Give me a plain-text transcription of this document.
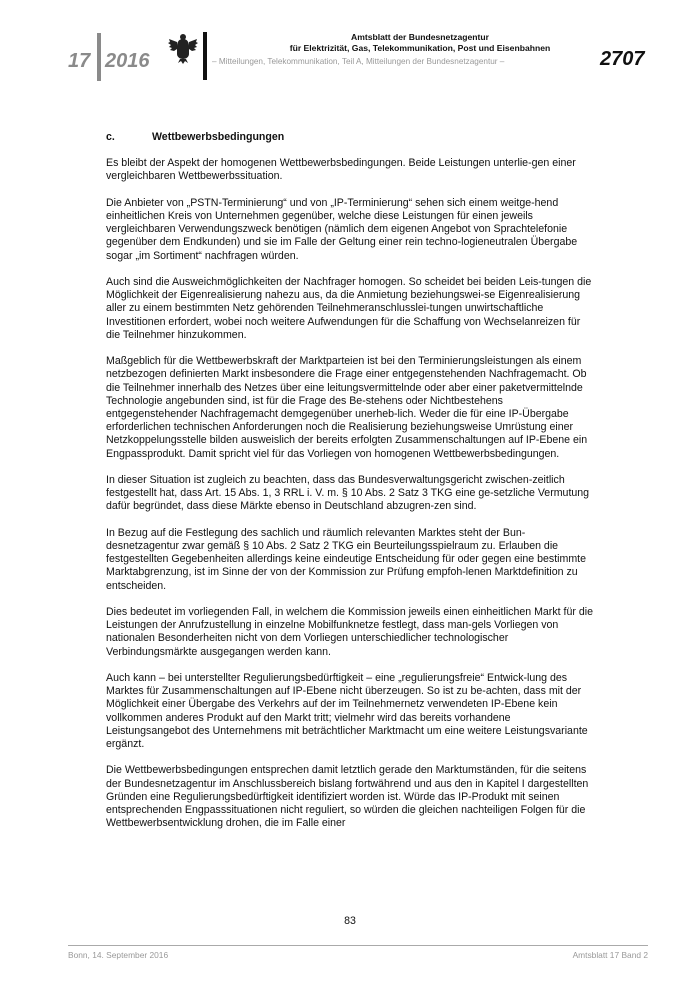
17 2016
Amtsblatt der Bundesnetzagentur
für Elektrizität, Gas, Telekommunikation, Post und Eisenbahnen
– Mitteilungen, Telekommunikation, Teil A, Mitteilungen der Bundesnetzagentur –	2707
c.	Wettbewerbsbedingungen

Es bleibt der Aspekt der homogenen Wettbewerbsbedingungen. Beide Leistungen unterlie-gen einer vergleichbaren Wettbewerbssituation.

Die Anbieter von „PSTN-Terminierung“ und von „IP-Terminierung“ sehen sich einem weitge-hend einheitlichen Kreis von Unternehmen gegenüber, welche diese Leistungen für einen jeweils vergleichbaren Verwendungszweck benötigen (nämlich dem eigenen Angebot von Sprachtelefonie gegenüber dem Endkunden) und sie im Falle der Geltung einer rein techno-logieneutralen Übergabe sogar „im Sortiment“ nachfragen würden.

Auch sind die Ausweichmöglichkeiten der Nachfrager homogen. So scheidet bei beiden Leis-tungen die Möglichkeit der Eigenrealisierung nahezu aus, da die Anmietung beziehungswei-se Eigenrealisierung aller zu einem bestimmten Netz gehörenden Teilnehmeranschlusslei-tungen unwirtschaftliche Investitionen erfordert, wobei noch weitere Aufwendungen für die Schaffung von Wechselanreizen für die Teilnehmer hinzukommen.

Maßgeblich für die Wettbewerbskraft der Marktparteien ist bei den Terminierungsleistungen als einem netzbezogen definierten Markt insbesondere die Frage einer entgegenstehenden Nachfragemacht. Ob die Teilnehmer innerhalb des Netzes über eine leitungsvermittelnde oder aber einer paketvermittelnde Technologie angebunden sind, ist für die Frage des Be-stehens oder Nichtbestehens entgegenstehender Nachfragemacht demgegenüber unerheb-lich. Weder die für eine IP-Übergabe erforderlichen technischen Anforderungen noch die Realisierung beziehungsweise Umrüstung einer Netzkoppelungsstelle bilden ausweislich der bereits erfolgten Zusammenschaltungen auf IP-Ebene ein Engpassprodukt. Damit spricht viel für das Vorliegen von homogenen Wettbewerbsbedingungen.

In dieser Situation ist zugleich zu beachten, dass das Bundesverwaltungsgericht zwischen-zeitlich festgestellt hat, dass Art. 15 Abs. 1, 3 RRL i. V. m. § 10 Abs. 2 Satz 3 TKG eine ge-setzliche Vermutung dafür begründet, dass diese Märkte ebenso in Deutschland abzugren-zen sind.

In Bezug auf die Festlegung des sachlich und räumlich relevanten Marktes steht der Bun-desnetzagentur zwar gemäß § 10 Abs. 2 Satz 2 TKG ein Beurteilungsspielraum zu. Erlauben die festgestellten Gegebenheiten allerdings keine eindeutige Entscheidung für oder gegen eine bestimmte Marktabgrenzung, ist im Sinne der von der Kommission zur Prüfung empfoh-lenen Marktdefinition zu entscheiden.

Dies bedeutet im vorliegenden Fall, in welchem die Kommission jeweils einen einheitlichen Markt für die Leistungen der Anrufzustellung in einzelne Mobilfunknetze festlegt, dass man-gels Vorliegen von nationalen Besonderheiten nicht von dem Vorliegen unterschiedlicher technologischer Verbindungsmärkte ausgegangen werden kann.

Auch kann – bei unterstellter Regulierungsbedürftigkeit – eine „regulierungsfreie“ Entwick-lung des Marktes für Zusammenschaltungen auf IP-Ebene nicht überzeugen. So ist zu be-achten, dass mit der Möglichkeit einer Übergabe des Verkehrs auf der im Teilnehmernetz verwendeten IP-Ebene kein vollkommen anderes Produkt auf den Markt tritt; vielmehr wird das bereits vorhandene Leistungsangebot des Unternehmens mit beträchtlicher Marktmacht um eine weitere Leistungsvariante ergänzt.

Die Wettbewerbsbedingungen entsprechen damit letztlich gerade den Marktumständen, für die seitens der Bundesnetzagentur im Anschlussbereich bislang fortwährend und aus den in Kapitel I dargestellten Gründen eine Regulierungsbedürftigkeit identifiziert worden ist. Würde das IP-Produkt mit seinen entsprechenden Engpasssituationen nicht reguliert, so würden die gleichen nachteiligen Folgen für die Wettbewerbsentwicklung drohen, die im Falle einer

83
Bonn, 14. September 2016	Amtsblatt 17 Band 2
